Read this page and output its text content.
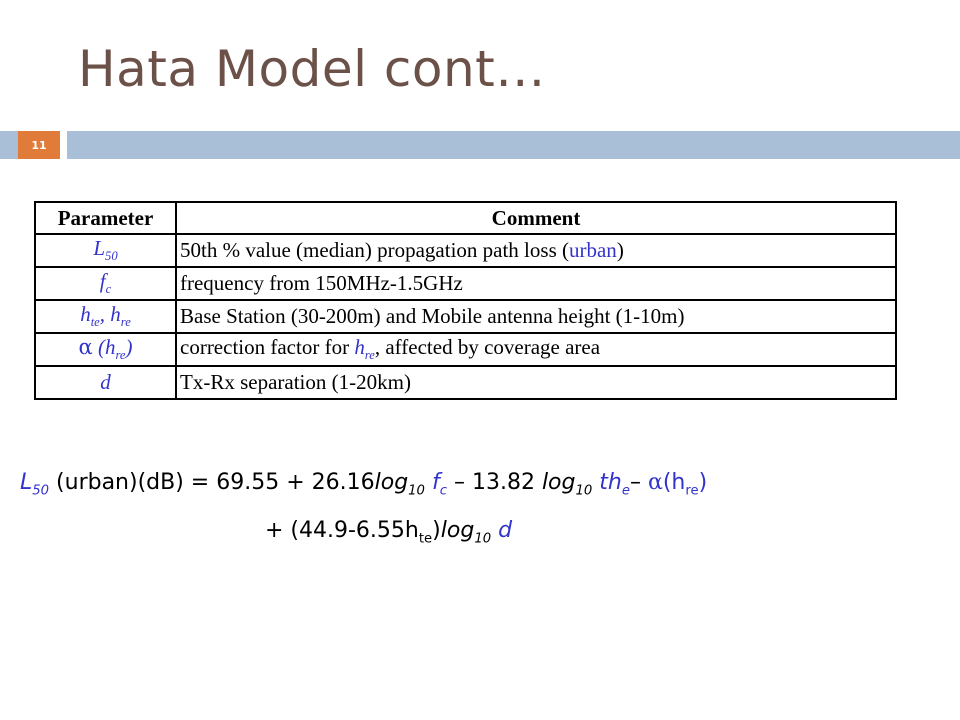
Hata Model cont…
11
Parameter	Comment
$L_{50}$	50th % value (median) propagation path loss (urban)
$f_c$	frequency from 150MHz-1.5GHz
$h_{te}$, $h_{re}$	Base Station (30-200m) and Mobile antenna height (1-10m)
α $(h_{re})$	correction factor for $h_{re}$, affected by coverage area
d	Tx-Rx separation (1-20km)
$L_{50}$ (urban)(dB) = $69.55 + 26.16\log_{10}$ $f_c - 13.82$ $\log_{10} th_e-$ $\alpha(h_{re})$
+ $(44.9-6.55h_{te})\log_{10}$ d
